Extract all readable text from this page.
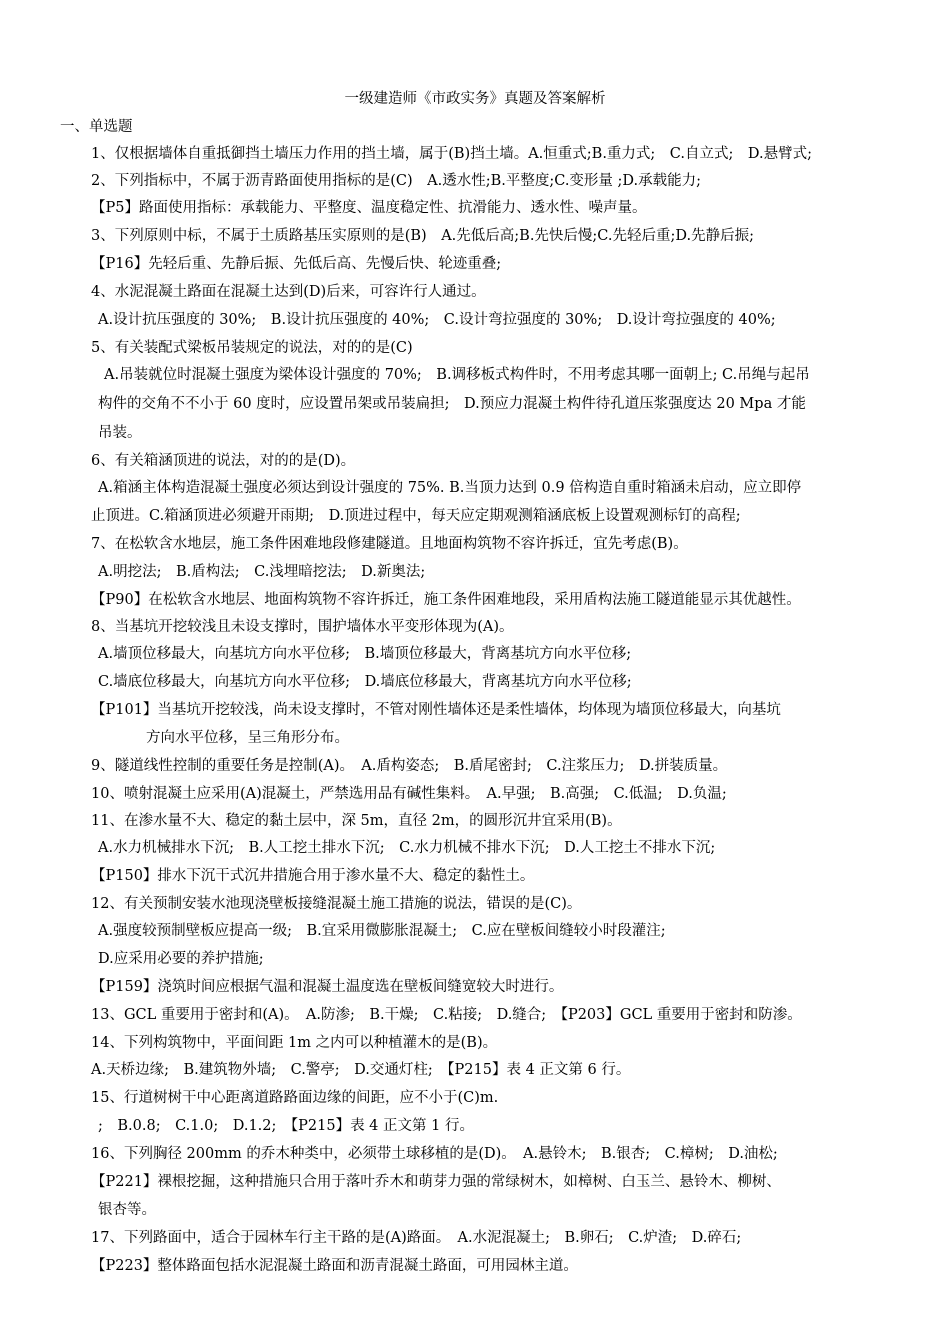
一级建造师《市政实务》真题及答案解析
一、单选题
1、仅根据墙体自重抵御挡土墙压力作用的挡土墙，属于(B)挡土墙。A.恒重式;B.重力式;　C.自立式;　D.悬臂式;
2、下列指标中，不属于沥青路面使用指标的是(C)　A.透水性;B.平整度;C.变形量 ;D.承载能力;
【P5】路面使用指标：承载能力、平整度、温度稳定性、抗滑能力、透水性、噪声量。
3、下列原则中标，不属于土质路基压实原则的是(B)　A.先低后高;B.先快后慢;C.先轻后重;D.先静后振;
【P16】先轻后重、先静后振、先低后高、先慢后快、轮迹重叠;
4、水泥混凝土路面在混凝土达到(D)后来，可容许行人通过。
A.设计抗压强度的 30%;　B.设计抗压强度的 40%;　C.设计弯拉强度的 30%;　D.设计弯拉强度的 40%;
5、有关装配式梁板吊装规定的说法，对的的是(C)
A.吊装就位时混凝土强度为梁体设计强度的 70%;　B.调移板式构件时，不用考虑其哪一面朝上; C.吊绳与起吊
构件的交角不不小于 60 度时，应设置吊架或吊装扁担;　D.预应力混凝土构件待孔道压浆强度达 20 Mpa 才能
吊装。
6、有关箱涵顶进的说法，对的的是(D)。
A.箱涵主体构造混凝土强度必须达到设计强度的 75%. B.当顶力达到 0.9 倍构造自重时箱涵未启动，应立即停
止顶进。C.箱涵顶进必须避开雨期;　D.顶进过程中，每天应定期观测箱涵底板上设置观测标钉的高程;
7、在松软含水地层，施工条件困难地段修建隧道。且地面构筑物不容许拆迁，宜先考虑(B)。
A.明挖法;　B.盾构法;　C.浅埋暗挖法;　D.新奥法;
【P90】在松软含水地层、地面构筑物不容许拆迁，施工条件困难地段，采用盾构法施工隧道能显示其优越性。
8、当基坑开挖较浅且未设支撑时，围护墙体水平变形体现为(A)。
A.墙顶位移最大，向基坑方向水平位移;　B.墙顶位移最大，背离基坑方向水平位移;
C.墙底位移最大，向基坑方向水平位移;　D.墙底位移最大，背离基坑方向水平位移;
【P101】当基坑开挖较浅，尚未设支撑时，不管对刚性墙体还是柔性墙体，均体现为墙顶位移最大，向基坑
方向水平位移，呈三角形分布。
9、隧道线性控制的重要任务是控制(A)。　A.盾构姿态;　B.盾尾密封;　C.注浆压力;　D.拼装质量。
10、喷射混凝土应采用(A)混凝土，严禁选用品有碱性集料。　A.早强;　B.高强;　C.低温;　D.负温;
11、在渗水量不大、稳定的黏土层中，深 5m，直径 2m，的圆形沉井宜采用(B)。
A.水力机械排水下沉;　B.人工挖土排水下沉;　C.水力机械不排水下沉;　D.人工挖土不排水下沉;
【P150】排水下沉干式沉井措施合用于渗水量不大、稳定的黏性土。
12、有关预制安装水池现浇壁板接缝混凝土施工措施的说法，错误的是(C)。
A.强度较预制壁板应提高一级;　B.宜采用微膨胀混凝土;　C.应在壁板间缝较小时段灌注;
D.应采用必要的养护措施;
【P159】浇筑时间应根据气温和混凝土温度选在壁板间缝宽较大时进行。
13、GCL 重要用于密封和(A)。　A.防渗;　B.干燥;　C.粘接;　D.缝合;　【P203】GCL 重要用于密封和防渗。
14、下列构筑物中，平面间距 1m 之内可以种植灌木的是(B)。
A.天桥边缘;　B.建筑物外墙;　C.警亭;　D.交通灯柱;　【P215】表 4 正文第 6 行。
15、行道树树干中心距离道路路面边缘的间距，应不小于(C)m.
;　B.0.8;　C.1.0;　D.1.2;　【P215】表 4 正文第 1 行。
16、下列胸径 200mm 的乔木种类中，必须带土球移植的是(D)。　A.悬铃木;　B.银杏;　C.樟树;　D.油松;
【P221】裸根挖掘，这种措施只合用于落叶乔木和萌芽力强的常绿树木，如樟树、白玉兰、悬铃木、柳树、
银杏等。
17、下列路面中，适合于园林车行主干路的是(A)路面。　A.水泥混凝土;　B.卵石;　C.炉渣;　D.碎石;
【P223】整体路面包括水泥混凝土路面和沥青混凝土路面，可用园林主道。
